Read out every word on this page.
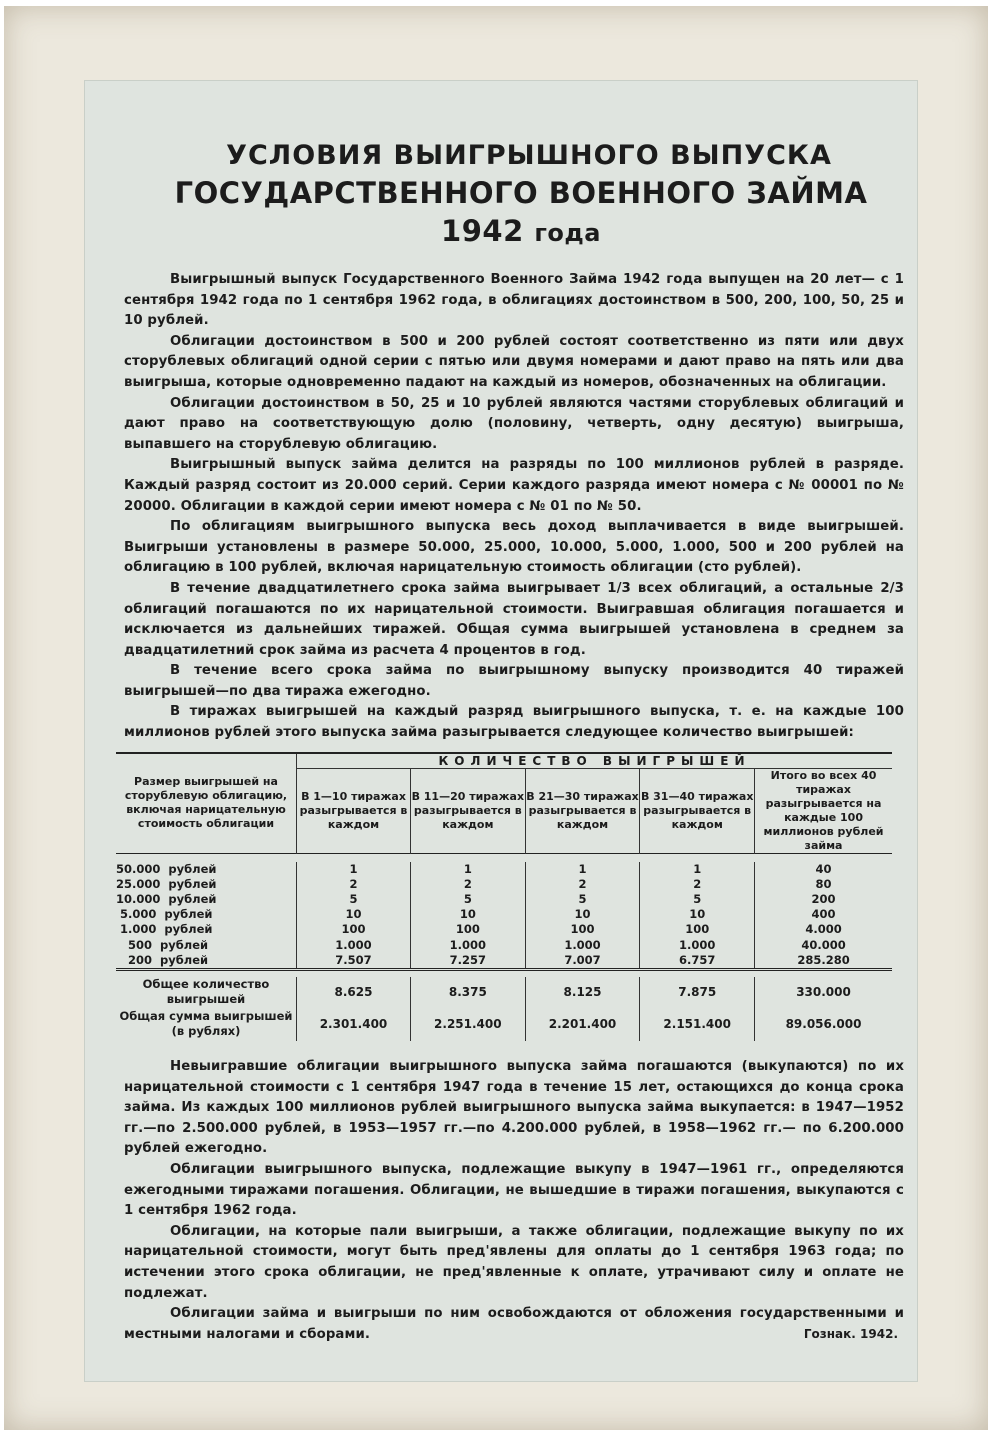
УСЛОВИЯ ВЫИГРЫШНОГО ВЫПУСКА
ГОСУДАРСТВЕННОГО ВОЕННОГО ЗАЙМА 1942 года

Выигрышный выпуск Государственного Военного Займа 1942 года выпущен на 20 лет— с 1 сентября 1942 года по 1 сентября 1962 года, в облигациях достоинством в 500, 200, 100, 50, 25 и 10 рублей.

Облигации достоинством в 500 и 200 рублей состоят соответственно из пяти или двух сторублевых облигаций одной серии с пятью или двумя номерами и дают право на пять или два выигрыша, которые одновременно падают на каждый из номеров, обозначенных на облигации.

Облигации достоинством в 50, 25 и 10 рублей являются частями сторублевых облигаций и дают право на соответствующую долю (половину, четверть, одну десятую) выигрыша, выпавшего на сторублевую облигацию.

Выигрышный выпуск займа делится на разряды по 100 миллионов рублей в разряде. Каждый разряд состоит из 20.000 серий. Серии каждого разряда имеют номера с № 00001 по № 20000. Облигации в каждой серии имеют номера с № 01 по № 50.

По облигациям выигрышного выпуска весь доход выплачивается в виде выигрышей. Выигрыши установлены в размере 50.000, 25.000, 10.000, 5.000, 1.000, 500 и 200 рублей на облигацию в 100 рублей, включая нарицательную стоимость облигации (сто рублей).

В течение двадцатилетнего срока займа выигрывает 1/3 всех облигаций, а остальные 2/3 облигаций погашаются по их нарицательной стоимости. Выигравшая облигация погашается и исключается из дальнейших тиражей. Общая сумма выигрышей установлена в среднем за двадцатилетний срок займа из расчета 4 процентов в год.

В течение всего срока займа по выигрышному выпуску производится 40 тиражей выигрышей—по два тиража ежегодно.

В тиражах выигрышей на каждый разряд выигрышного выпуска, т. е. на каждые 100 миллионов рублей этого выпуска займа разыгрывается следующее количество выигрышей:

Размер выигрышей на сторублевую облигацию, включая нарицательную стоимость облигации	КОЛИЧЕСТВО ВЫИГРЫШЕЙ				
	В 1—10 тиражах разыгрывается в каждом	В 11—20 тиражах разыгрывается в каждом	В 21—30 тиражах разыгрывается в каждом	В 31—40 тиражах разыгрывается в каждом	Итого во всех 40 тиражах разыгрывается на каждые 100 миллионов рублей займа

50.000  рублей	1	1	1	1	40
25.000  рублей	2	2	2	2	80
10.000  рублей	5	5	5	5	200
5.000  рублей	10	10	10	10	400
1.000  рублей	100	100	100	100	4.000
500  рублей	1.000	1.000	1.000	1.000	40.000
200  рублей	7.507	7.257	7.007	6.757	285.280

Общее количество выигрышей	8.625	8.375	8.125	7.875	330.000
Общая сумма выигрышей (в рублях)	2.301.400	2.251.400	2.201.400	2.151.400	89.056.000

Невыигравшие облигации выигрышного выпуска займа погашаются (выкупаются) по их нарицательной стоимости с 1 сентября 1947 года в течение 15 лет, остающихся до конца срока займа. Из каждых 100 миллионов рублей выигрышного выпуска займа выкупается: в 1947—1952 гг.—по 2.500.000 рублей, в 1953—1957 гг.—по 4.200.000 рублей, в 1958—1962 гг.— по 6.200.000 рублей ежегодно.

Облигации выигрышного выпуска, подлежащие выкупу в 1947—1961 гг., определяются ежегодными тиражами погашения. Облигации, не вышедшие в тиражи погашения, выкупаются с 1 сентября 1962 года.

Облигации, на которые пали выигрыши, а также облигации, подлежащие выкупу по их нарицательной стоимости, могут быть пред'явлены для оплаты до 1 сентября 1963 года; по истечении этого срока облигации, не пред'явленные к оплате, утрачивают силу и оплате не подлежат.

Облигации займа и выигрыши по ним освобождаются от обложения государственными и местными налогами и сборами.	Гознак. 1942.
